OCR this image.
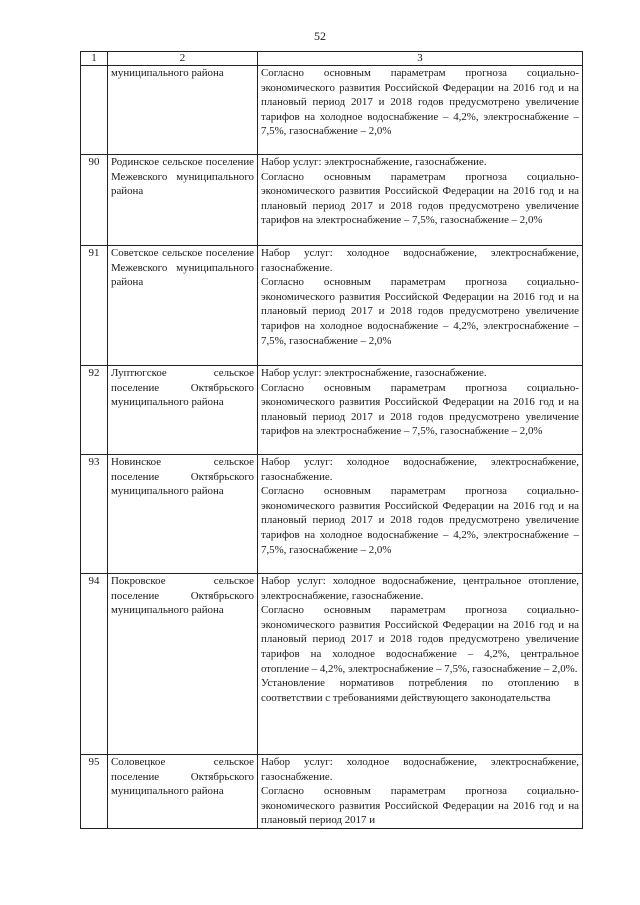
52
1	2	3
	муниципального района	Согласно основным параметрам прогноза социально-экономического развития Российской Федерации на 2016 год и на плановый период 2017 и 2018 годов предусмотрено увеличение тарифов на холодное водоснабжение – 4,2%, электроснабжение – 7,5%, газоснабжение – 2,0%

90	Родинское сельское поселение Межевского муниципального района	Набор услуг: электроснабжение, газоснабжение.

Согласно основным параметрам прогноза социально-экономического развития Российской Федерации на 2016 год и на плановый период 2017 и 2018 годов предусмотрено увеличение тарифов на электроснабжение – 7,5%, газоснабжение – 2,0%

91	Советское сельское поселение Межевского муниципального района	Набор услуг: холодное водоснабжение, электроснабжение, газоснабжение.

Согласно основным параметрам прогноза социально-экономического развития Российской Федерации на 2016 год и на плановый период 2017 и 2018 годов предусмотрено увеличение тарифов на холодное водоснабжение – 4,2%, электроснабжение – 7,5%, газоснабжение – 2,0%

92	Луптюгское сельское поселение Октябрьского муниципального района	Набор услуг: электроснабжение, газоснабжение.

Согласно основным параметрам прогноза социально-экономического развития Российской Федерации на 2016 год и на плановый период 2017 и 2018 годов предусмотрено увеличение тарифов на электроснабжение – 7,5%, газоснабжение – 2,0%

93	Новинское сельское поселение Октябрьского муниципального района	Набор услуг: холодное водоснабжение, электроснабжение, газоснабжение.

Согласно основным параметрам прогноза социально-экономического развития Российской Федерации на 2016 год и на плановый период 2017 и 2018 годов предусмотрено увеличение тарифов на холодное водоснабжение – 4,2%, электроснабжение – 7,5%, газоснабжение – 2,0%

94	Покровское сельское поселение Октябрьского муниципального района	Набор услуг: холодное водоснабжение, центральное отопление, электроснабжение, газоснабжение.

Согласно основным параметрам прогноза социально-экономического развития Российской Федерации на 2016 год и на плановый период 2017 и 2018 годов предусмотрено увеличение тарифов на холодное водоснабжение – 4,2%, центральное отопление – 4,2%, электроснабжение – 7,5%, газоснабжение – 2,0%.

Установление нормативов потребления по отоплению в соответствии с требованиями действующего законодательства

95	Соловецкое сельское поселение Октябрьского муниципального района	Набор услуг: холодное водоснабжение, электроснабжение, газоснабжение.

Согласно основным параметрам прогноза социально-экономического развития Российской Федерации на 2016 год и на плановый период 2017 и
